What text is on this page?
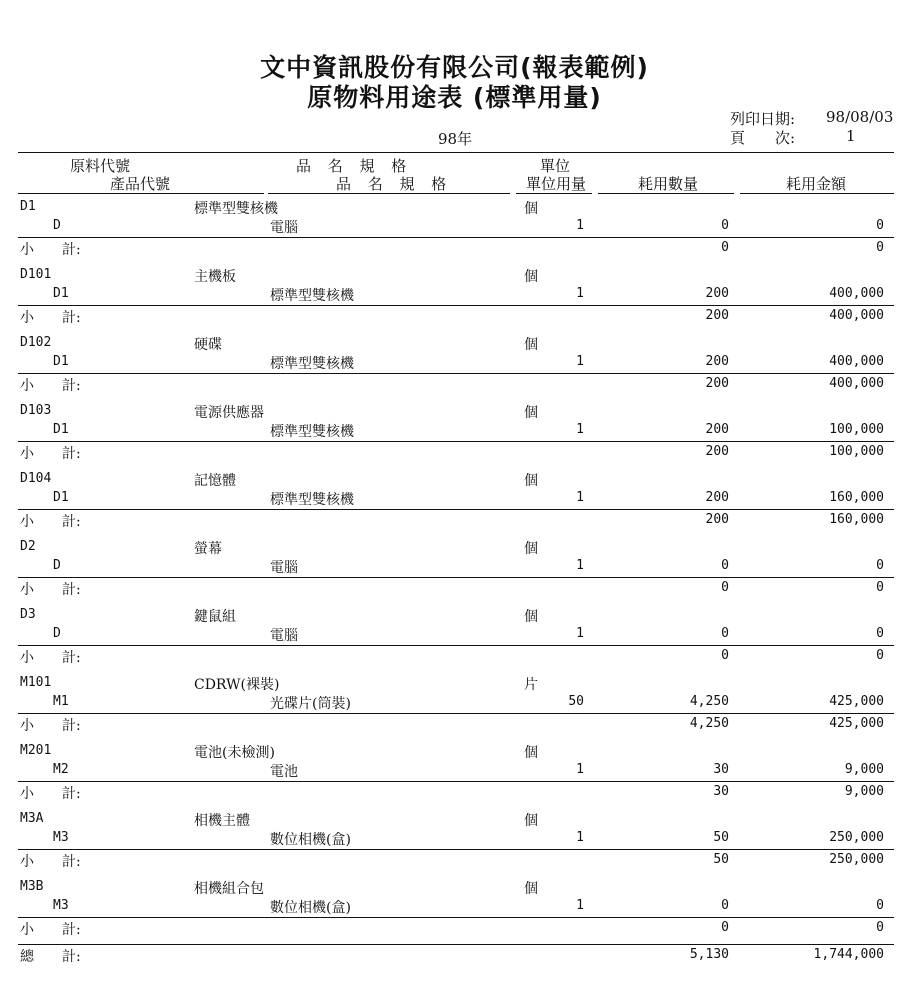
文中資訊股份有限公司(報表範例)
原物料用途表 (標準用量)
列印日期: 98/08/03
頁　　次:	1
98年
原料代號
產品代號
品 名 規 格
品 名 規 格
單位
單位用量	耗用數量	耗用金額
D1	標準型雙核機	個
D	電腦	1	0	0
小　　計:	0	0
D101	主機板	個
D1	標準型雙核機	1	200	400,000
小　　計:	200	400,000
D102	硬碟	個
D1	標準型雙核機	1	200	400,000
小　　計:	200	400,000
D103	電源供應器	個
D1	標準型雙核機	1	200	100,000
小　　計:	200	100,000
D104	記憶體	個
D1	標準型雙核機	1	200	160,000
小　　計:	200	160,000
D2	螢幕	個
D	電腦	1	0	0
小　　計:	0	0
D3	鍵鼠組	個
D	電腦	1	0	0
小　　計:	0	0
M101	CDRW(裸裝)	片
M1	光碟片(筒裝)	50	4,250	425,000
小　　計:	4,250	425,000
M201	電池(未檢測)	個
M2	電池	1	30	9,000
小　　計:	30	9,000
M3A	相機主體	個
M3	數位相機(盒)	1	50	250,000
小　　計:	50	250,000
M3B	相機組合包	個
M3	數位相機(盒)	1	0	0
小　　計:	0	0
總　　計:	5,130	1,744,000
